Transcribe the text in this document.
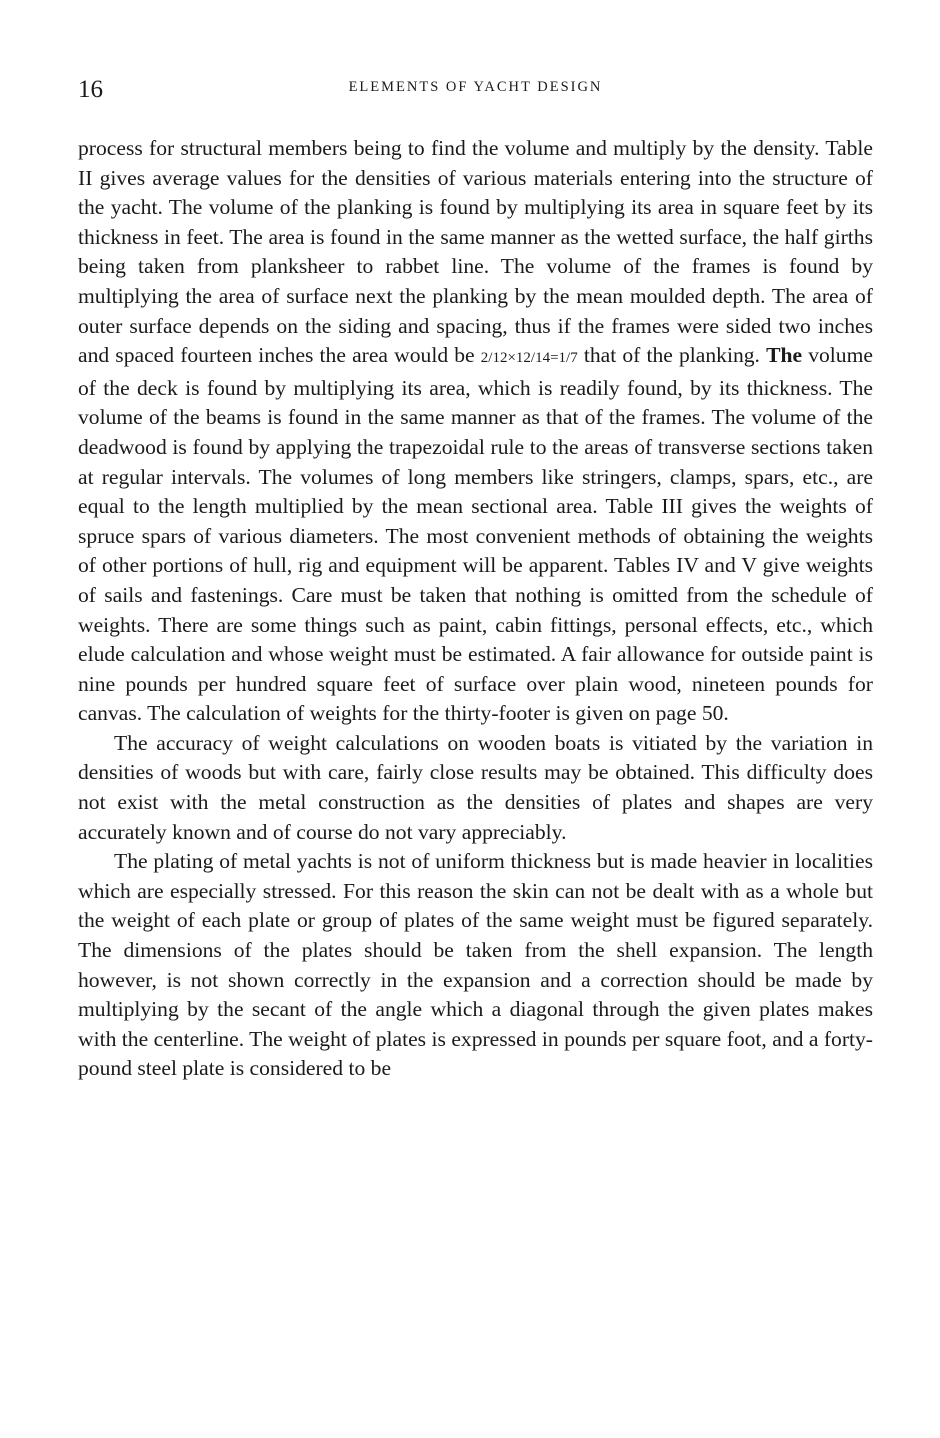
16	ELEMENTS OF YACHT DESIGN

process for structural members being to find the volume and multiply by the density. Table II gives average values for the densities of various materials entering into the structure of the yacht. The volume of the planking is found by multiplying its area in square feet by its thickness in feet. The area is found in the same manner as the wetted surface, the half girths being taken from planksheer to rabbet line. The volume of the frames is found by multiplying the area of surface next the planking by the mean moulded depth. The area of outer surface depends on the siding and spacing, thus if the frames were sided two inches and spaced fourteen inches the area would be 2/12×12/14=1/7 that of the planking. The volume of the deck is found by multiplying its area, which is readily found, by its thickness. The volume of the beams is found in the same manner as that of the frames. The volume of the deadwood is found by applying the trapezoidal rule to the areas of transverse sections taken at regular intervals. The volumes of long members like stringers, clamps, spars, etc., are equal to the length multiplied by the mean sectional area. Table III gives the weights of spruce spars of various diameters. The most convenient methods of obtaining the weights of other portions of hull, rig and equipment will be apparent. Tables IV and V give weights of sails and fastenings. Care must be taken that nothing is omitted from the schedule of weights. There are some things such as paint, cabin fittings, personal effects, etc., which elude calculation and whose weight must be estimated. A fair allowance for outside paint is nine pounds per hundred square feet of surface over plain wood, nineteen pounds for canvas. The calculation of weights for the thirty-footer is given on page 50.

The accuracy of weight calculations on wooden boats is vitiated by the variation in densities of woods but with care, fairly close results may be obtained. This difficulty does not exist with the metal construction as the densities of plates and shapes are very accurately known and of course do not vary appreciably.

The plating of metal yachts is not of uniform thickness but is made heavier in localities which are especially stressed. For this reason the skin can not be dealt with as a whole but the weight of each plate or group of plates of the same weight must be figured separately. The dimensions of the plates should be taken from the shell expansion. The length however, is not shown correctly in the expansion and a correction should be made by multiplying by the secant of the angle which a diagonal through the given plates makes with the centerline. The weight of plates is expressed in pounds per square foot, and a forty-pound steel plate is considered to be
